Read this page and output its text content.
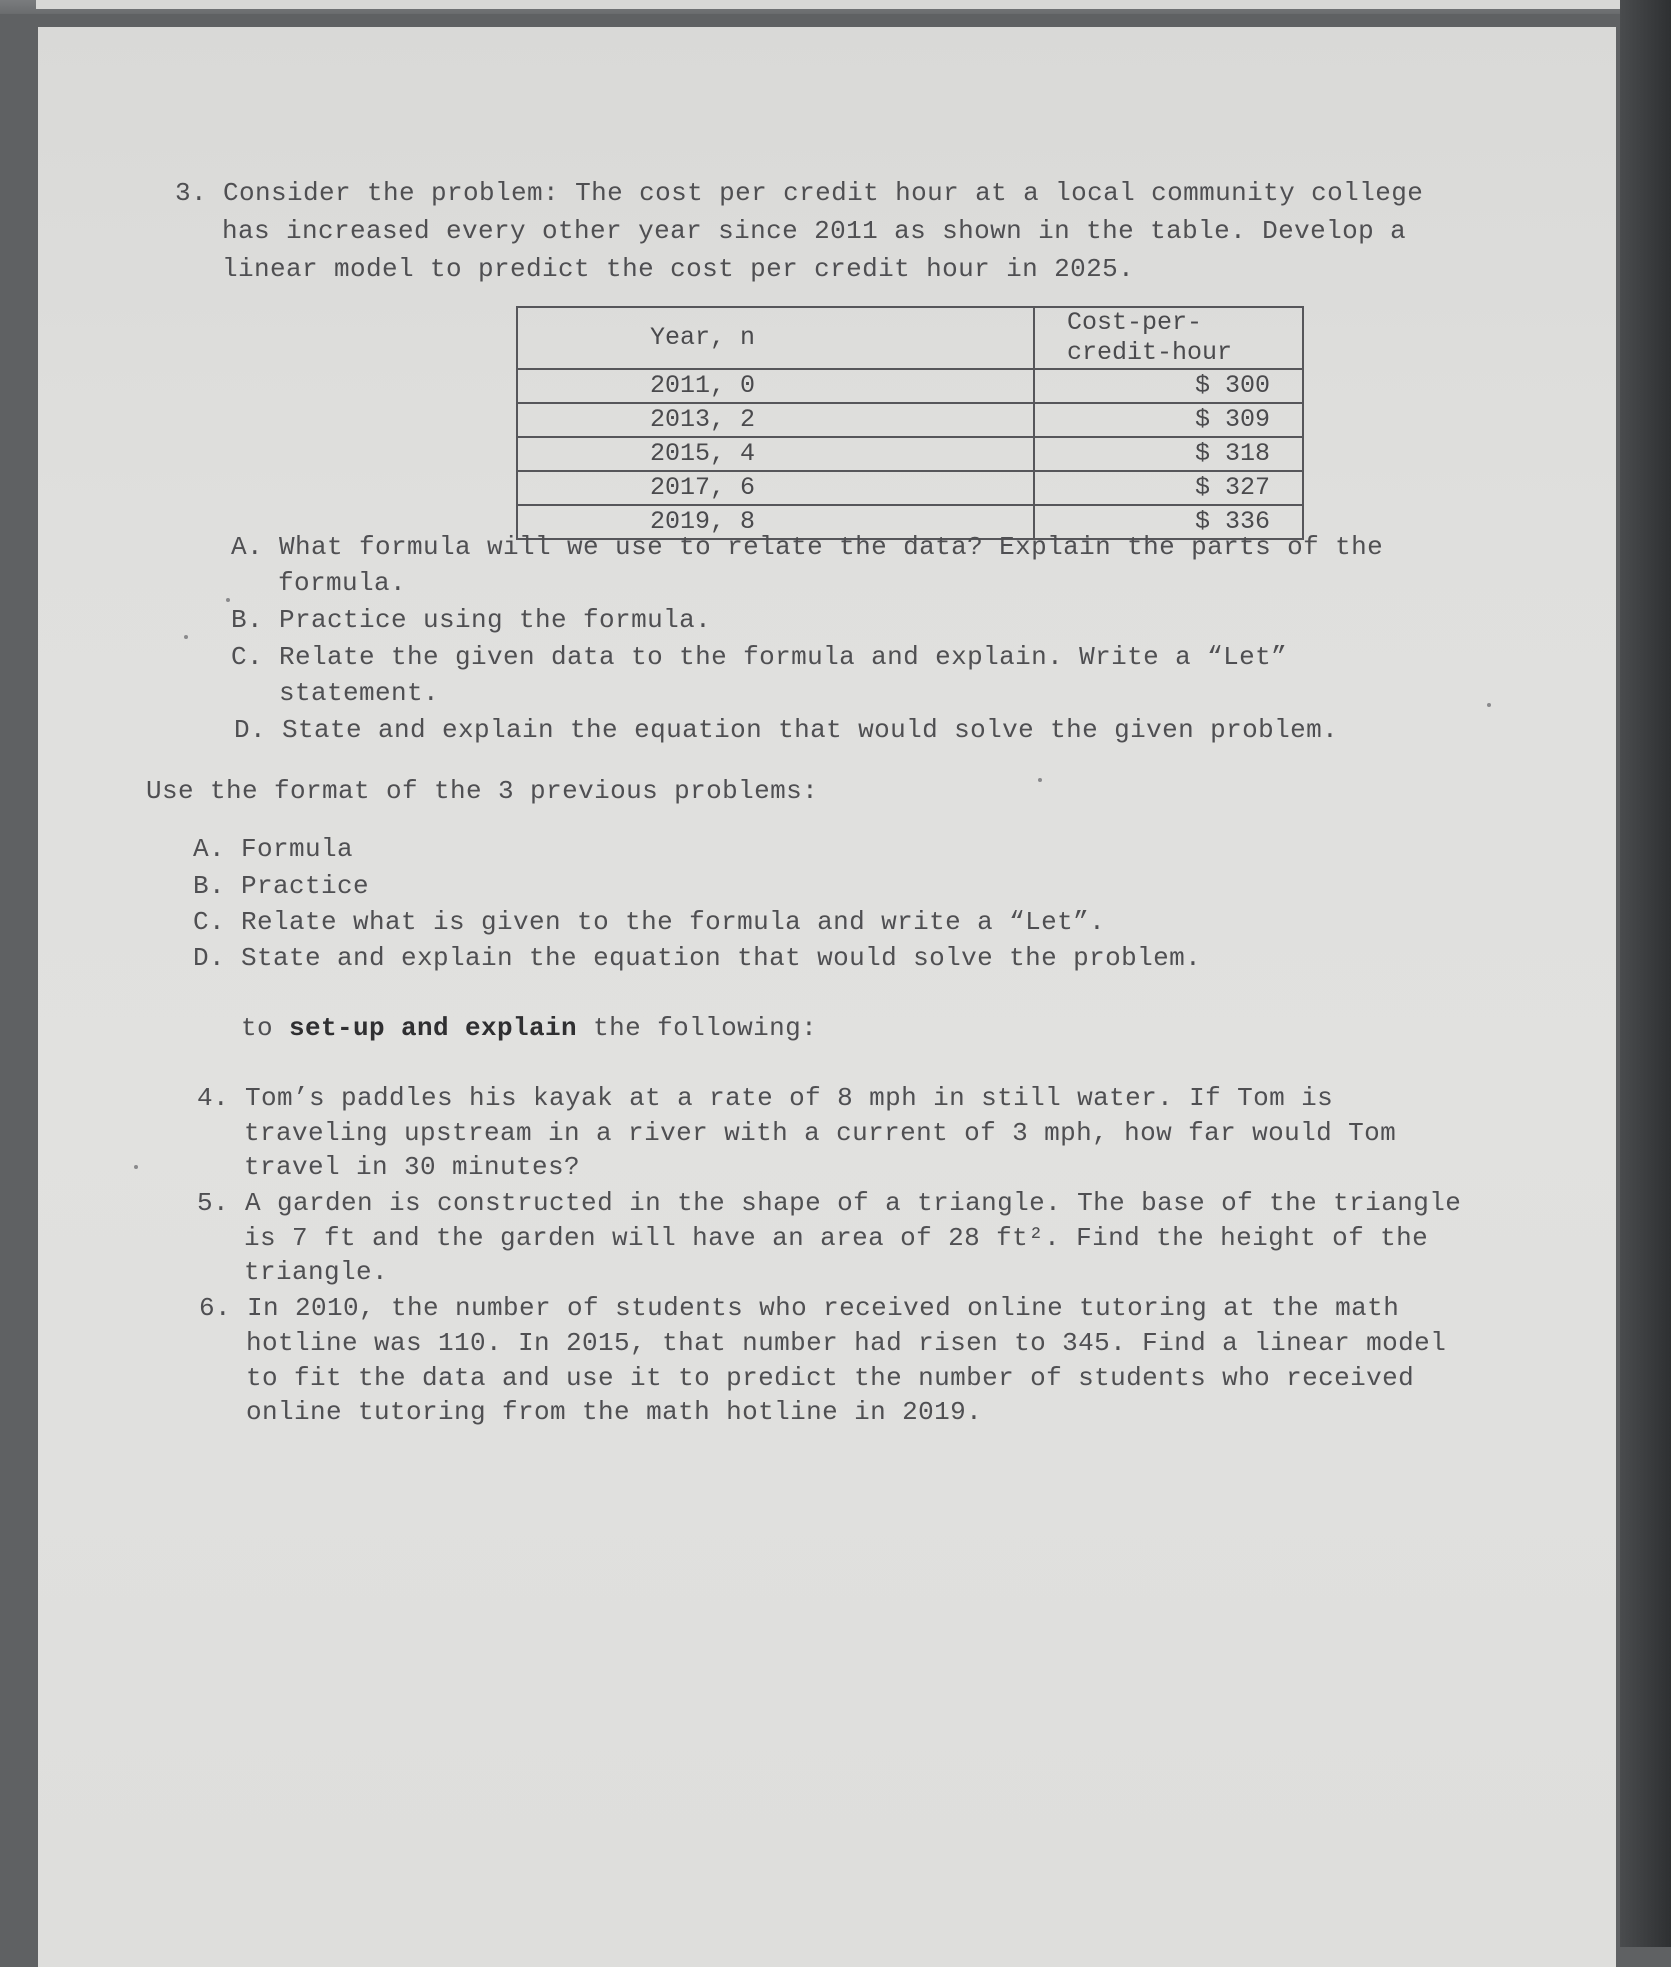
3. Consider the problem: The cost per credit hour at a local community college
has increased every other year since 2011 as shown in the table. Develop a
linear model to predict the cost per credit hour in 2025.
Year, n	Cost-per-credit-hour
2011, 0	$ 300
2013, 2	$ 309
2015, 4	$ 318
2017, 6	$ 327
2019, 8	$ 336
A. What formula will we use to relate the data? Explain the parts of the
formula.
B. Practice using the formula.
C. Relate the given data to the formula and explain. Write a “Let”
statement.
D. State and explain the equation that would solve the given problem.
Use the format of the 3 previous problems:
A. Formula
B. Practice
C. Relate what is given to the formula and write a “Let”.
D. State and explain the equation that would solve the problem.
to set-up and explain the following:
4. Tom’s paddles his kayak at a rate of 8 mph in still water. If Tom is
traveling upstream in a river with a current of 3 mph, how far would Tom
travel in 30 minutes?
5. A garden is constructed in the shape of a triangle. The base of the triangle
is 7 ft and the garden will have an area of 28 ft². Find the height of the
triangle.
6. In 2010, the number of students who received online tutoring at the math
hotline was 110. In 2015, that number had risen to 345. Find a linear model
to fit the data and use it to predict the number of students who received
online tutoring from the math hotline in 2019.
